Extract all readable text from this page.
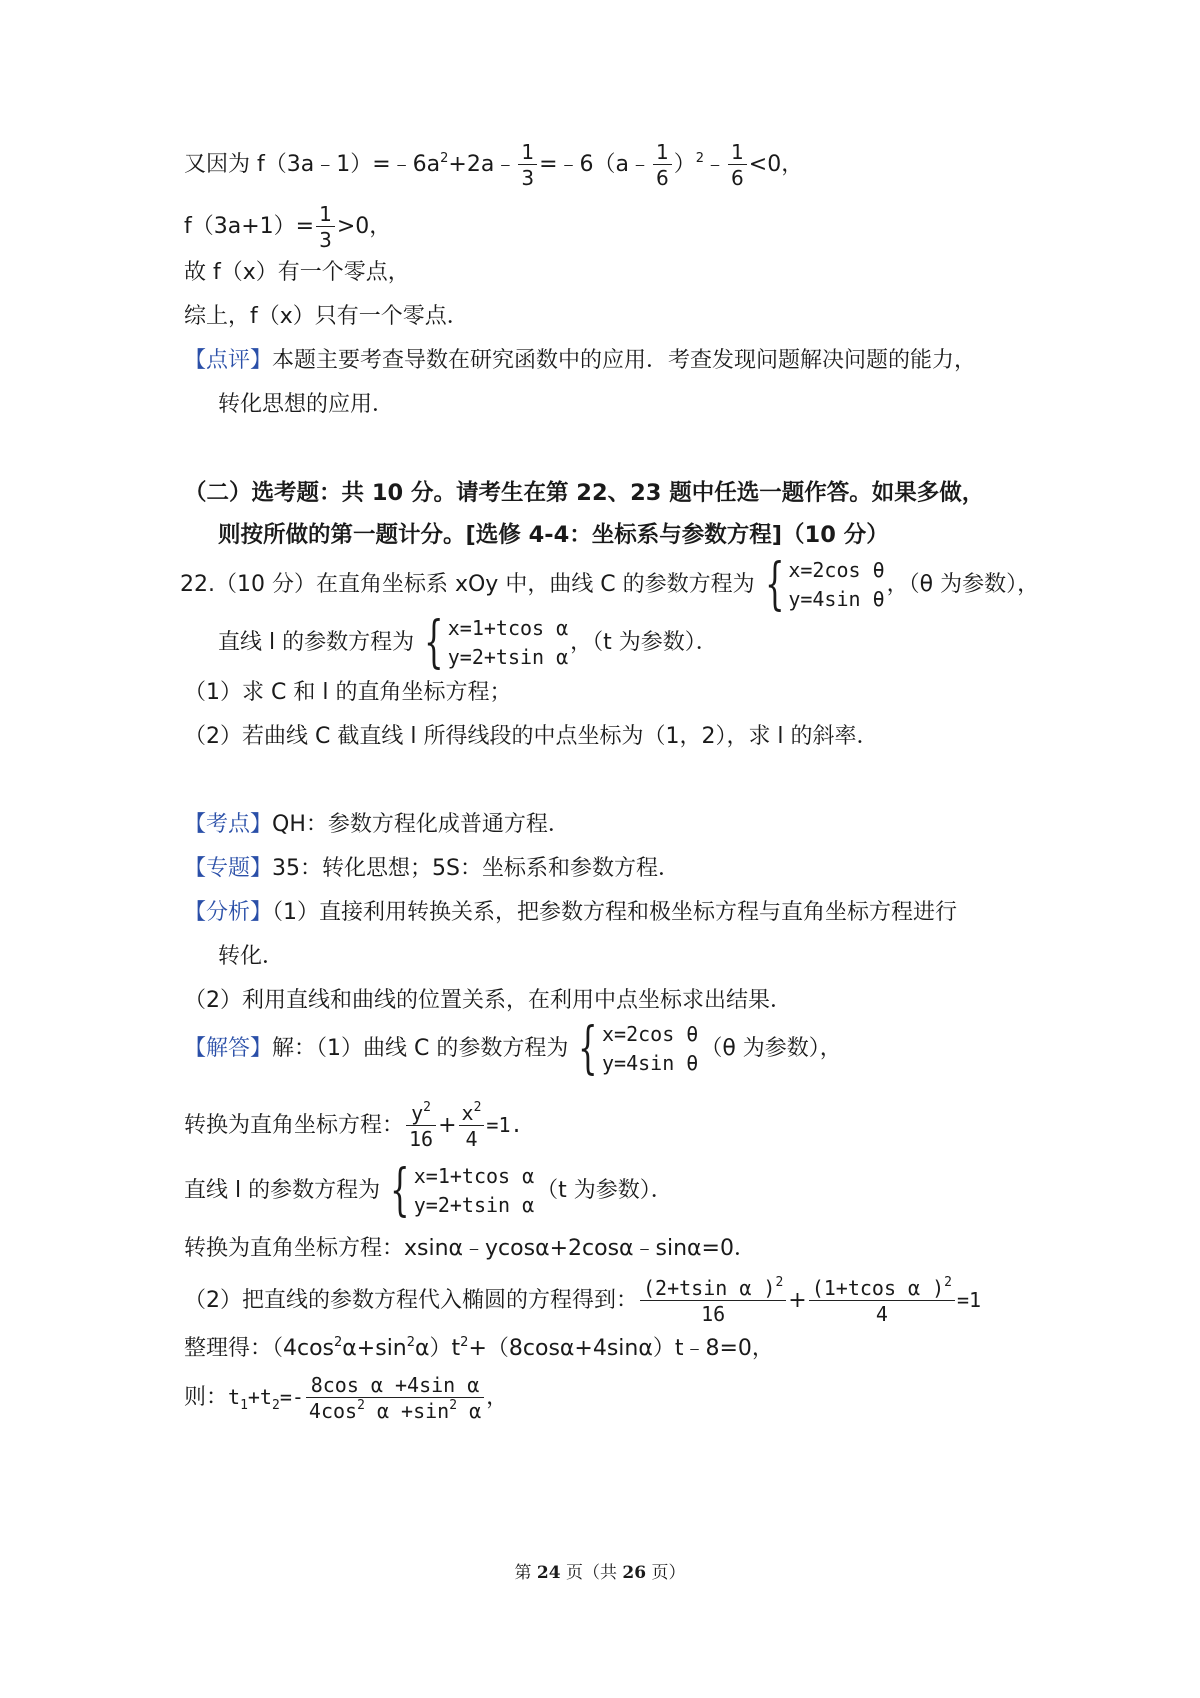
又因为 $f(3a﹣1)=﹣6a^2+2a﹣ \frac{1}{3}$ =﹣6（a﹣ $\frac{1}{6}$ ）$^2$﹣ $\frac{1}{6} <0$，
$f(3a+1)= \frac{1}{3} >0$，
故 f（x）有一个零点，
综上，f（x）只有一个零点．
【点评】本题主要考查导数在研究函数中的应用．考查发现问题解决问题的能力，
转化思想的应用．
（二）选考题：共 10 分。请考生在第 22、23 题中任选一题作答。如果多做，
则按所做的第一题计分。[选修 4-4：坐标系与参数方程]（10 分）
22.（10 分）在直角坐标系 xOy 中，曲线 C 的参数方程为 { x=2cos θ
y=4sin θ
，（θ 为参数），
直线 l 的参数方程为 { x=1+tcos α
y=2+tsin α
，（t 为参数）．
（1）求 C 和 l 的直角坐标方程；
（2）若曲线 C 截直线 l 所得线段的中点坐标为（1，2），求 l 的斜率．
【考点】QH：参数方程化成普通方程．
【专题】35：转化思想；5S：坐标系和参数方程．
【分析】（1）直接利用转换关系，把参数方程和极坐标方程与直角坐标方程进行
转化．
（2）利用直线和曲线的位置关系，在利用中点坐标求出结果．
【解答】解：（1）曲线 C 的参数方程为 { x=2cos θ
y=4sin θ
（θ 为参数），
转换为直角坐标方程： $\frac{y^2}{16} + \frac{x^2}{4} =1$.
直线 l 的参数方程为 { x=1+tcos α
y=2+tsin α
（t 为参数）．
转换为直角坐标方程：xsinα﹣ycosα+2cosα﹣sinα=0．
（2）把直线的参数方程代入椭圆的方程得到： $\frac{(2+tsin \alpha )^2}{16} + \frac{(1+tcos \alpha )^2}{4} =1$
整理得：$(4\cos^2\alpha+\sin^2\alpha)t^2+(8\cos\alpha+4\sin\alpha)t﹣8=0$，
则：$t_1+t_2=- \frac{\text{8cos α +4sin α}}{4\cos^2 \alpha +\sin^2 \alpha}$ ，
第 24 页（共 26 页）
